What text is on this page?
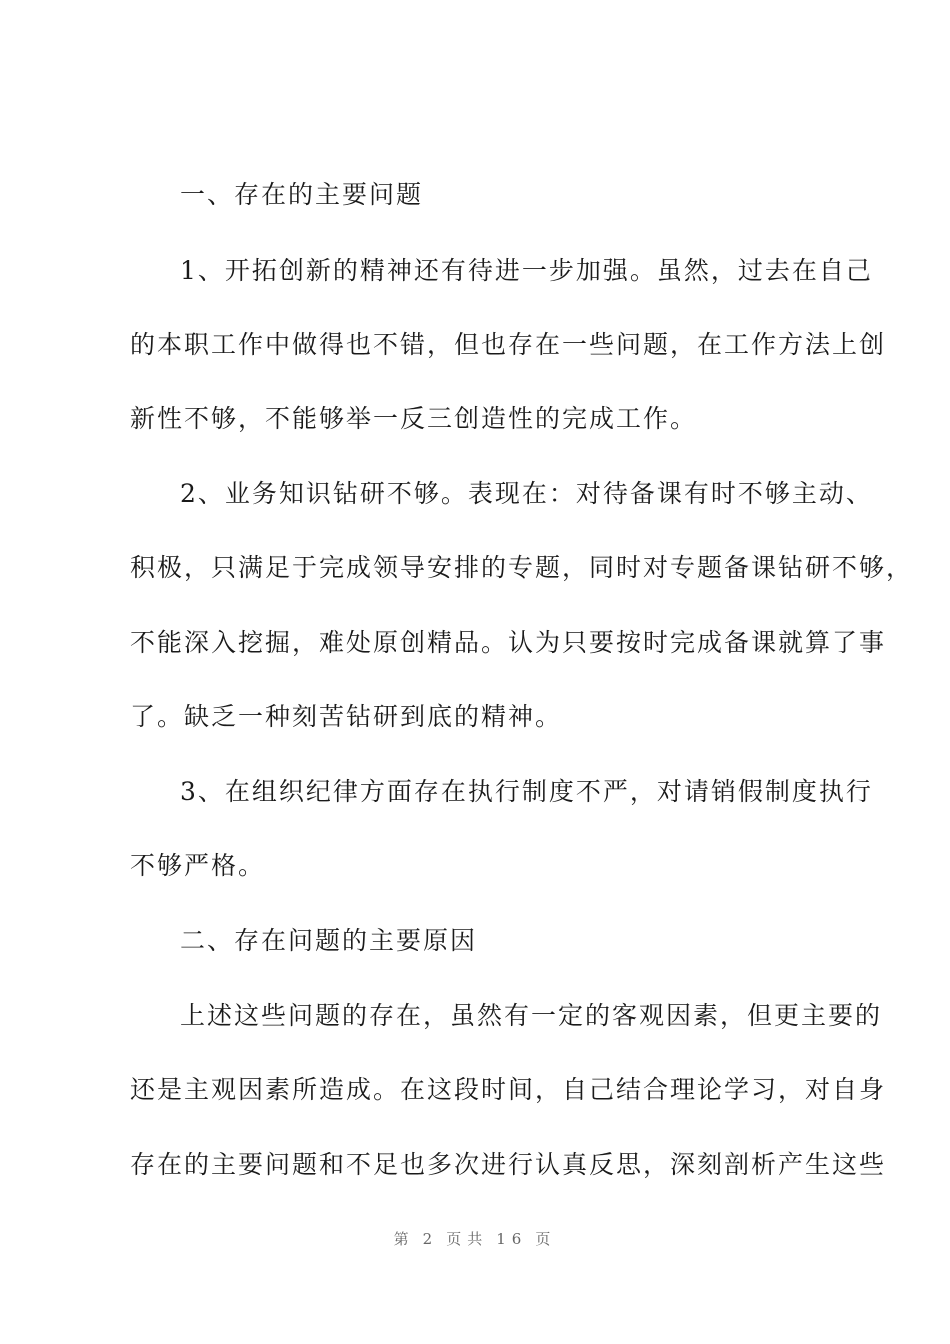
一、存在的主要问题
1、开拓创新的精神还有待进一步加强。虽然，过去在自己
的本职工作中做得也不错，但也存在一些问题，在工作方法上创
新性不够，不能够举一反三创造性的完成工作。
2、业务知识钻研不够。表现在：对待备课有时不够主动、
积极，只满足于完成领导安排的专题，同时对专题备课钻研不够，
不能深入挖掘，难处原创精品。认为只要按时完成备课就算了事
了。缺乏一种刻苦钻研到底的精神。
3、在组织纪律方面存在执行制度不严，对请销假制度执行
不够严格。
二、存在问题的主要原因
上述这些问题的存在，虽然有一定的客观因素，但更主要的
还是主观因素所造成。在这段时间，自己结合理论学习，对自身
存在的主要问题和不足也多次进行认真反思，深刻剖析产生这些
第 2 页共 16 页
